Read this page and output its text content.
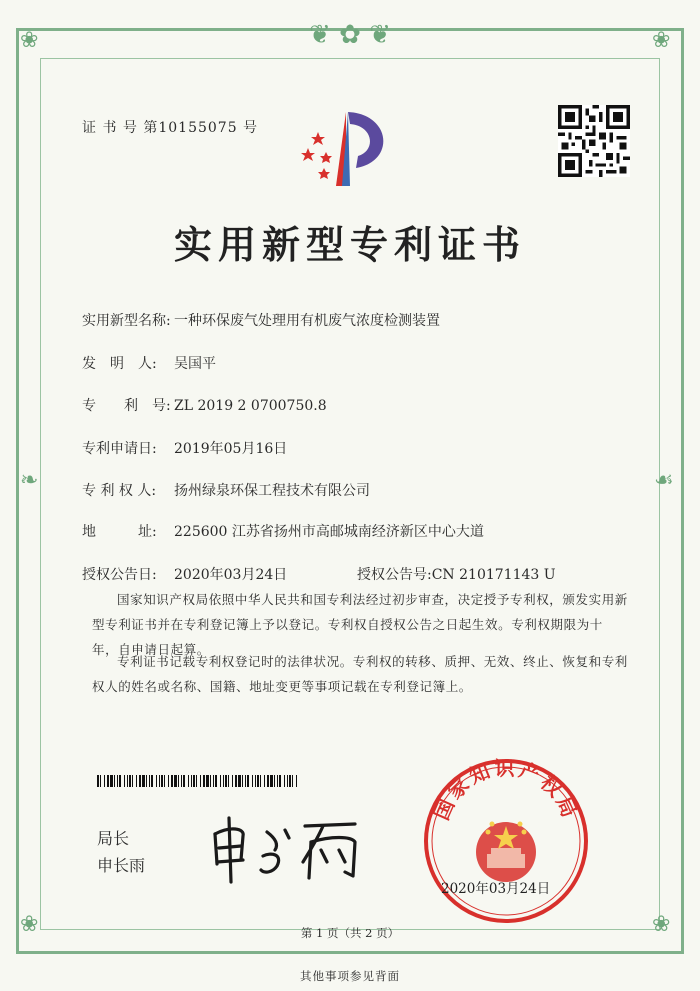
❦ ✿ ❦
❀	❀
❀	❀
❧	☙
证 书 号 第10155075 号
实用新型专利证书
实用新型名称: 一种环保废气处理用有机废气浓度检测装置
发　明　人: 吴国平
专　　利　号: ZL 2019 2 0700750.8
专利申请日: 2019年05月16日
专 利 权 人: 扬州绿泉环保工程技术有限公司
地　　　址: 225600 江苏省扬州市高邮城南经济新区中心大道
授权公告日: 2020年03月24日	授权公告号:CN 210171143 U
国家知识产权局依照中华人民共和国专利法经过初步审查，决定授予专利权，颁发实用新型专利证书并在专利登记簿上予以登记。专利权自授权公告之日起生效。专利权期限为十年，自申请日起算。
专利证书记载专利权登记时的法律状况。专利权的转移、质押、无效、终止、恢复和专利权人的姓名或名称、国籍、地址变更等事项记载在专利登记簿上。
局长
申长雨
国家知识产权局
2020年03月24日
第 1 页（共 2 页）
其他事项参见背面
